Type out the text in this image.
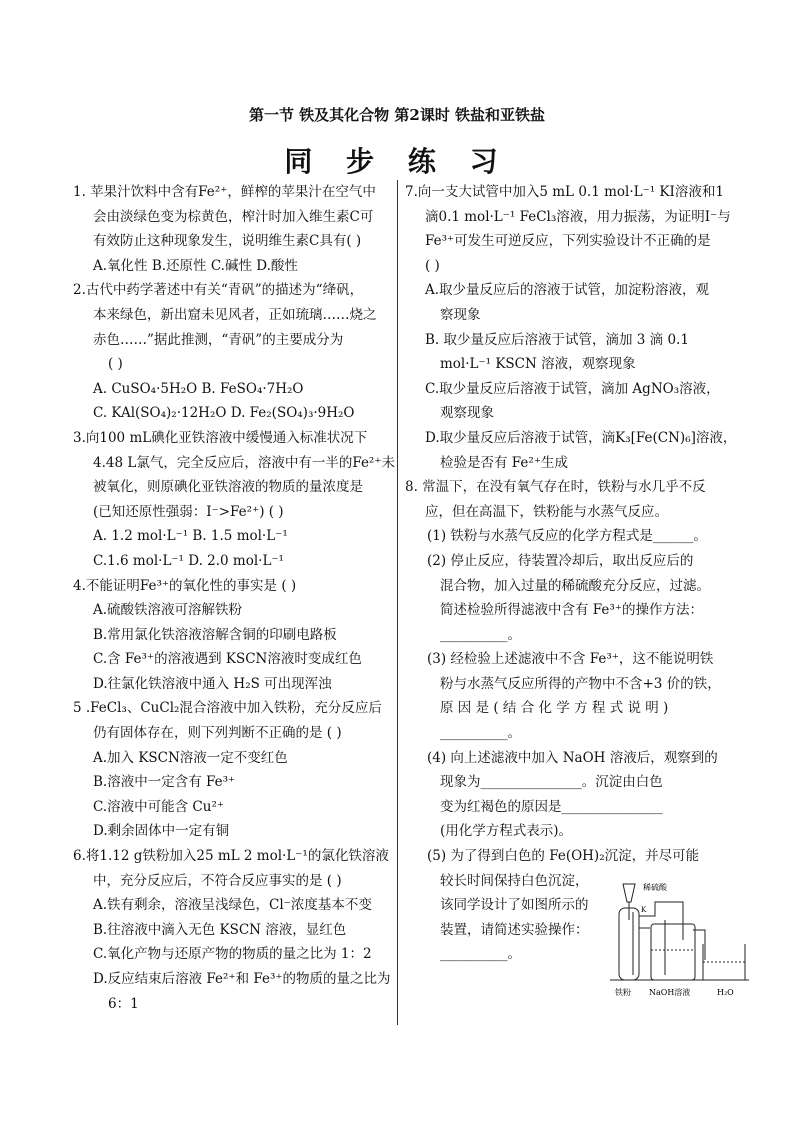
第一节 铁及其化合物 第2课时 铁盐和亚铁盐
同 步 练 习
1. 苹果汁饮料中含有Fe²⁺，鲜榨的苹果汁在空气中
会由淡绿色变为棕黄色，榨汁时加入维生素C可
有效防止这种现象发生，说明维生素C具有( )
A.氧化性 B.还原性 C.碱性 D.酸性
2.古代中药学著述中有关“青矾”的描述为“绛矾，
本来绿色，新出窟未见风者，正如琉璃……烧之
赤色……”据此推测，“青矾”的主要成分为
( )
A. CuSO₄·5H₂O B. FeSO₄·7H₂O
C. KAl(SO₄)₂·12H₂O D. Fe₂(SO₄)₃·9H₂O
3.向100 mL碘化亚铁溶液中缓慢通入标准状况下
4.48 L氯气，完全反应后，溶液中有一半的Fe²⁺未
被氧化，则原碘化亚铁溶液的物质的量浓度是
(已知还原性强弱：I⁻>Fe²⁺) ( )
A. 1.2 mol·L⁻¹ B. 1.5 mol·L⁻¹
C.1.6 mol·L⁻¹ D. 2.0 mol·L⁻¹
4.不能证明Fe³⁺的氧化性的事实是 ( )
A.硫酸铁溶液可溶解铁粉
B.常用氯化铁溶液溶解含铜的印刷电路板
C.含 Fe³⁺的溶液遇到 KSCN溶液时变成红色
D.往氯化铁溶液中通入 H₂S 可出现浑浊
5 .FeCl₃、CuCl₂混合溶液中加入铁粉，充分反应后
仍有固体存在，则下列判断不正确的是 ( )
A.加入 KSCN溶液一定不变红色
B.溶液中一定含有 Fe³⁺
C.溶液中可能含 Cu²⁺
D.剩余固体中一定有铜
6.将1.12 g铁粉加入25 mL 2 mol·L⁻¹的氯化铁溶液
中，充分反应后，不符合反应事实的是 ( )
A.铁有剩余，溶液呈浅绿色，Cl⁻浓度基本不变
B.往溶液中滴入无色 KSCN 溶液，显红色
C.氧化产物与还原产物的物质的量之比为 1：2
D.反应结束后溶液 Fe²⁺和 Fe³⁺的物质的量之比为
6：1
7.向一支大试管中加入5 mL 0.1 mol·L⁻¹ KI溶液和1
滴0.1 mol·L⁻¹ FeCl₃溶液，用力振荡，为证明I⁻与
Fe³⁺可发生可逆反应，下列实验设计不正确的是
( )
A.取少量反应后的溶液于试管，加淀粉溶液，观
察现象
B. 取少量反应后溶液于试管，滴加 3 滴 0.1
mol·L⁻¹ KSCN 溶液，观察现象
C.取少量反应后溶液于试管，滴加 AgNO₃溶液，
观察现象
D.取少量反应后溶液于试管，滴K₃[Fe(CN)₆]溶液，
检验是否有 Fe²⁺生成
8. 常温下，在没有氧气存在时，铁粉与水几乎不反
应，但在高温下，铁粉能与水蒸气反应。
(1) 铁粉与水蒸气反应的化学方程式是______。
(2) 停止反应，待装置冷却后，取出反应后的
混合物，加入过量的稀硫酸充分反应，过滤。
简述检验所得滤液中含有 Fe³⁺的操作方法：
__________。
(3) 经检验上述滤液中不含 Fe³⁺，这不能说明铁
粉与水蒸气反应所得的产物中不含+3 价的铁，
原 因 是 ( 结 合 化 学 方 程 式 说 明 )
__________。
(4) 向上述滤液中加入 NaOH 溶液后，观察到的
现象为_______________。沉淀由白色
变为红褐色的原因是_______________
(用化学方程式表示)。
(5) 为了得到白色的 Fe(OH)₂沉淀，并尽可能
较长时间保持白色沉淀，
该同学设计了如图所示的
装置，请简述实验操作：
__________。
稀硫酸
K
铁粉 NaOH溶液	H₂O
